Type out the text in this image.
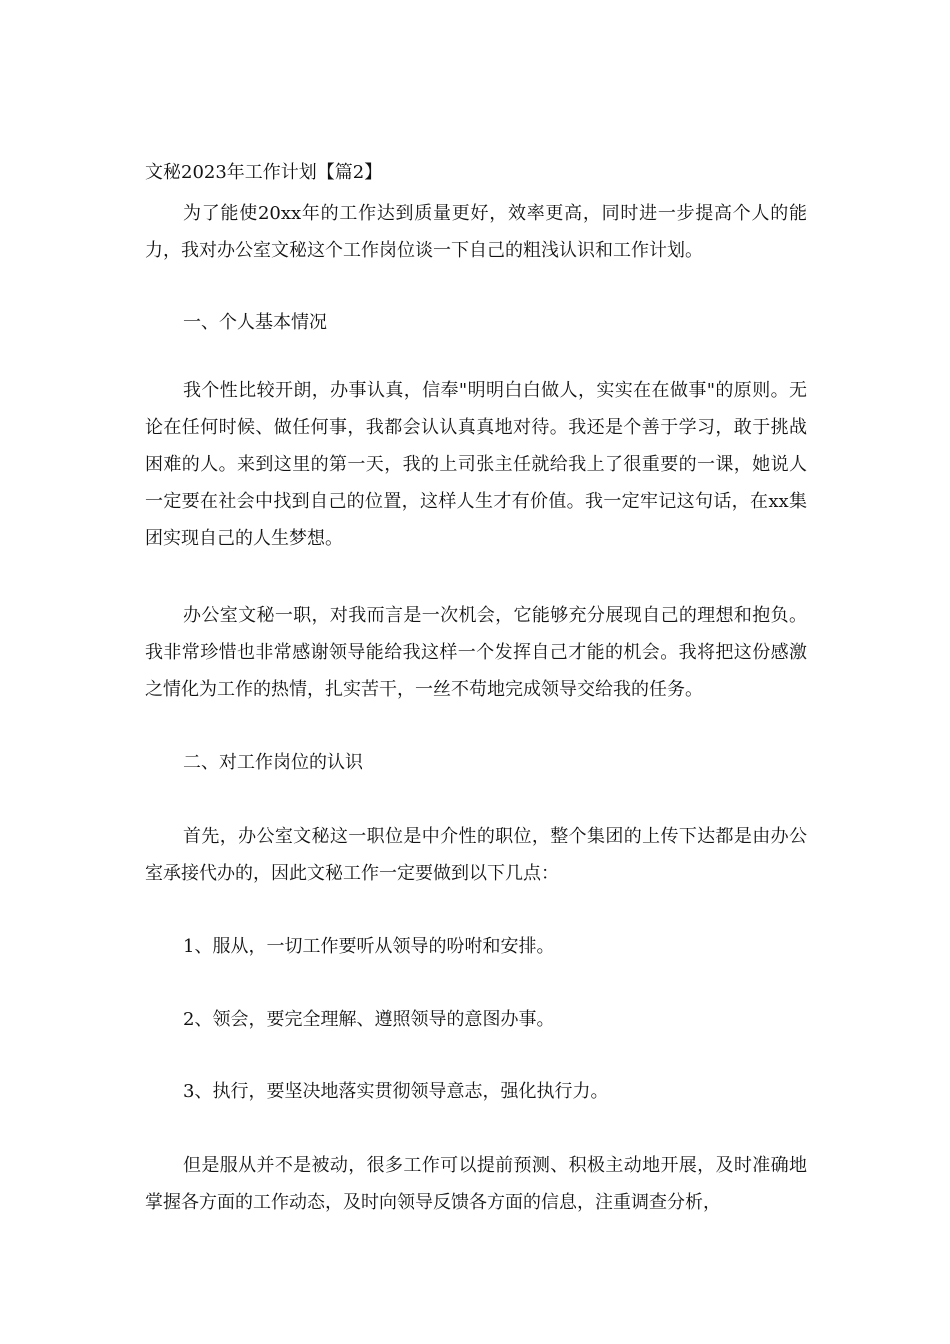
文秘2023年工作计划【篇2】

为了能使20xx年的工作达到质量更好，效率更高，同时进一步提高个人的能力，我对办公室文秘这个工作岗位谈一下自己的粗浅认识和工作计划。

一、个人基本情况

我个性比较开朗，办事认真，信奉"明明白白做人，实实在在做事"的原则。无论在任何时候、做任何事，我都会认认真真地对待。我还是个善于学习，敢于挑战困难的人。来到这里的第一天，我的上司张主任就给我上了很重要的一课，她说人一定要在社会中找到自己的位置，这样人生才有价值。我一定牢记这句话，在xx集团实现自己的人生梦想。

办公室文秘一职，对我而言是一次机会，它能够充分展现自己的理想和抱负。我非常珍惜也非常感谢领导能给我这样一个发挥自己才能的机会。我将把这份感激之情化为工作的热情，扎实苦干，一丝不苟地完成领导交给我的任务。

二、对工作岗位的认识

首先，办公室文秘这一职位是中介性的职位，整个集团的上传下达都是由办公室承接代办的，因此文秘工作一定要做到以下几点：

1、服从，一切工作要听从领导的吩咐和安排。
2、领会，要完全理解、遵照领导的意图办事。
3、执行，要坚决地落实贯彻领导意志，强化执行力。

但是服从并不是被动，很多工作可以提前预测、积极主动地开展，及时准确地掌握各方面的工作动态，及时向领导反馈各方面的信息，注重调查分析，
